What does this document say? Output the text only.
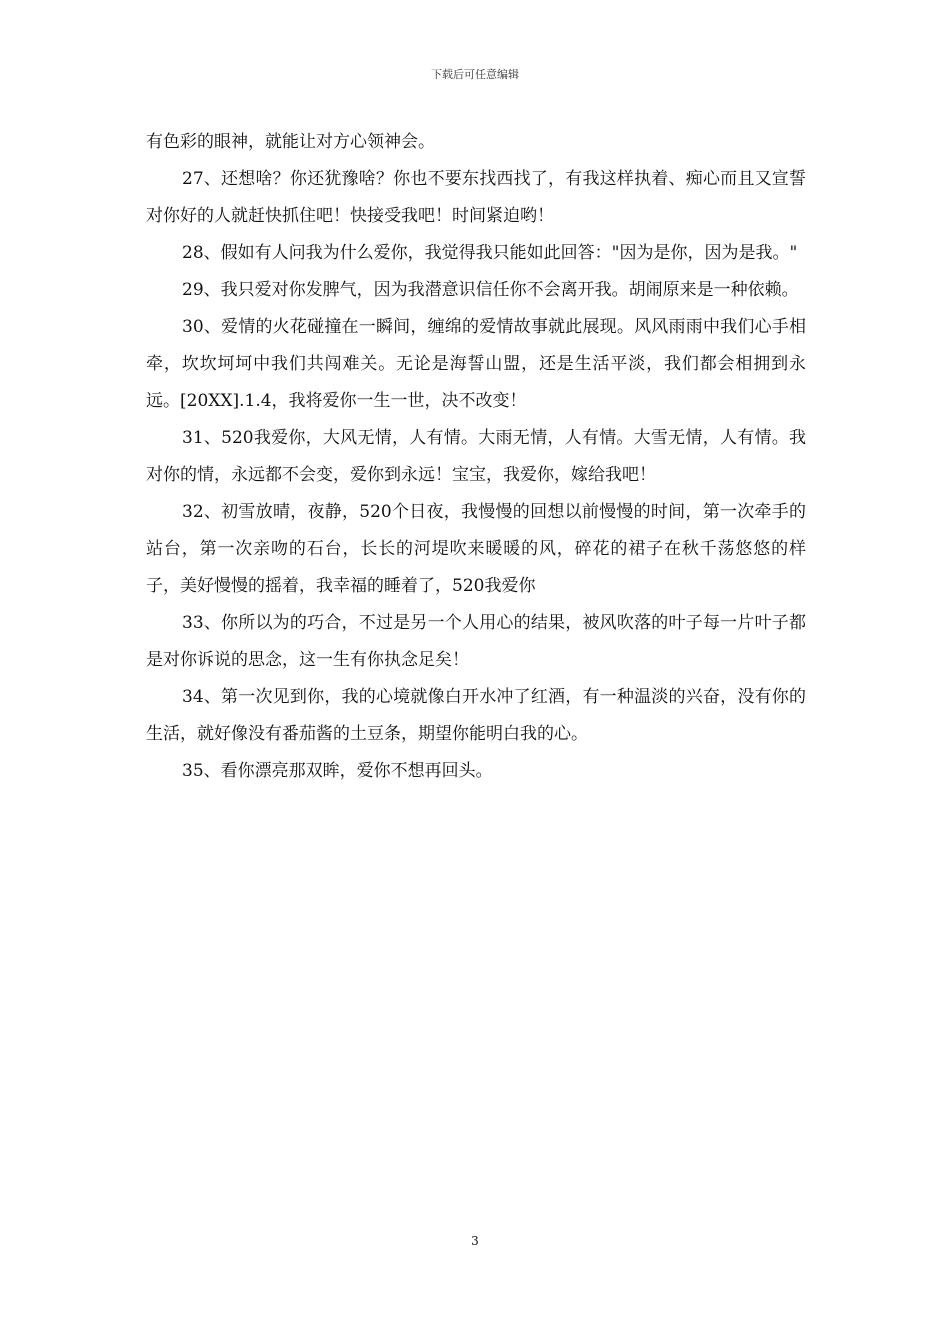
下载后可任意编辑

有色彩的眼神，就能让对方心领神会。

27、还想啥？你还犹豫啥？你也不要东找西找了，有我这样执着、痴心而且又宣誓对你好的人就赶快抓住吧！快接受我吧！时间紧迫哟！

28、假如有人问我为什么爱你，我觉得我只能如此回答："因为是你，因为是我。"

29、我只爱对你发脾气，因为我潜意识信任你不会离开我。胡闹原来是一种依赖。

30、爱情的火花碰撞在一瞬间，缠绵的爱情故事就此展现。风风雨雨中我们心手相牵，坎坎坷坷中我们共闯难关。无论是海誓山盟，还是生活平淡，我们都会相拥到永远。[20XX].1.4，我将爱你一生一世，决不改变！

31、520我爱你，大风无情，人有情。大雨无情，人有情。大雪无情，人有情。我对你的情，永远都不会变，爱你到永远！宝宝，我爱你，嫁给我吧！

32、初雪放晴，夜静，520个日夜，我慢慢的回想以前慢慢的时间，第一次牵手的站台，第一次亲吻的石台，长长的河堤吹来暖暖的风，碎花的裙子在秋千荡悠悠的样子，美好慢慢的摇着，我幸福的睡着了，520我爱你

33、你所以为的巧合，不过是另一个人用心的结果，被风吹落的叶子每一片叶子都是对你诉说的思念，这一生有你执念足矣！

34、第一次见到你，我的心境就像白开水冲了红酒，有一种温淡的兴奋，没有你的生活，就好像没有番茄酱的土豆条，期望你能明白我的心。

35、看你漂亮那双眸，爱你不想再回头。

3
